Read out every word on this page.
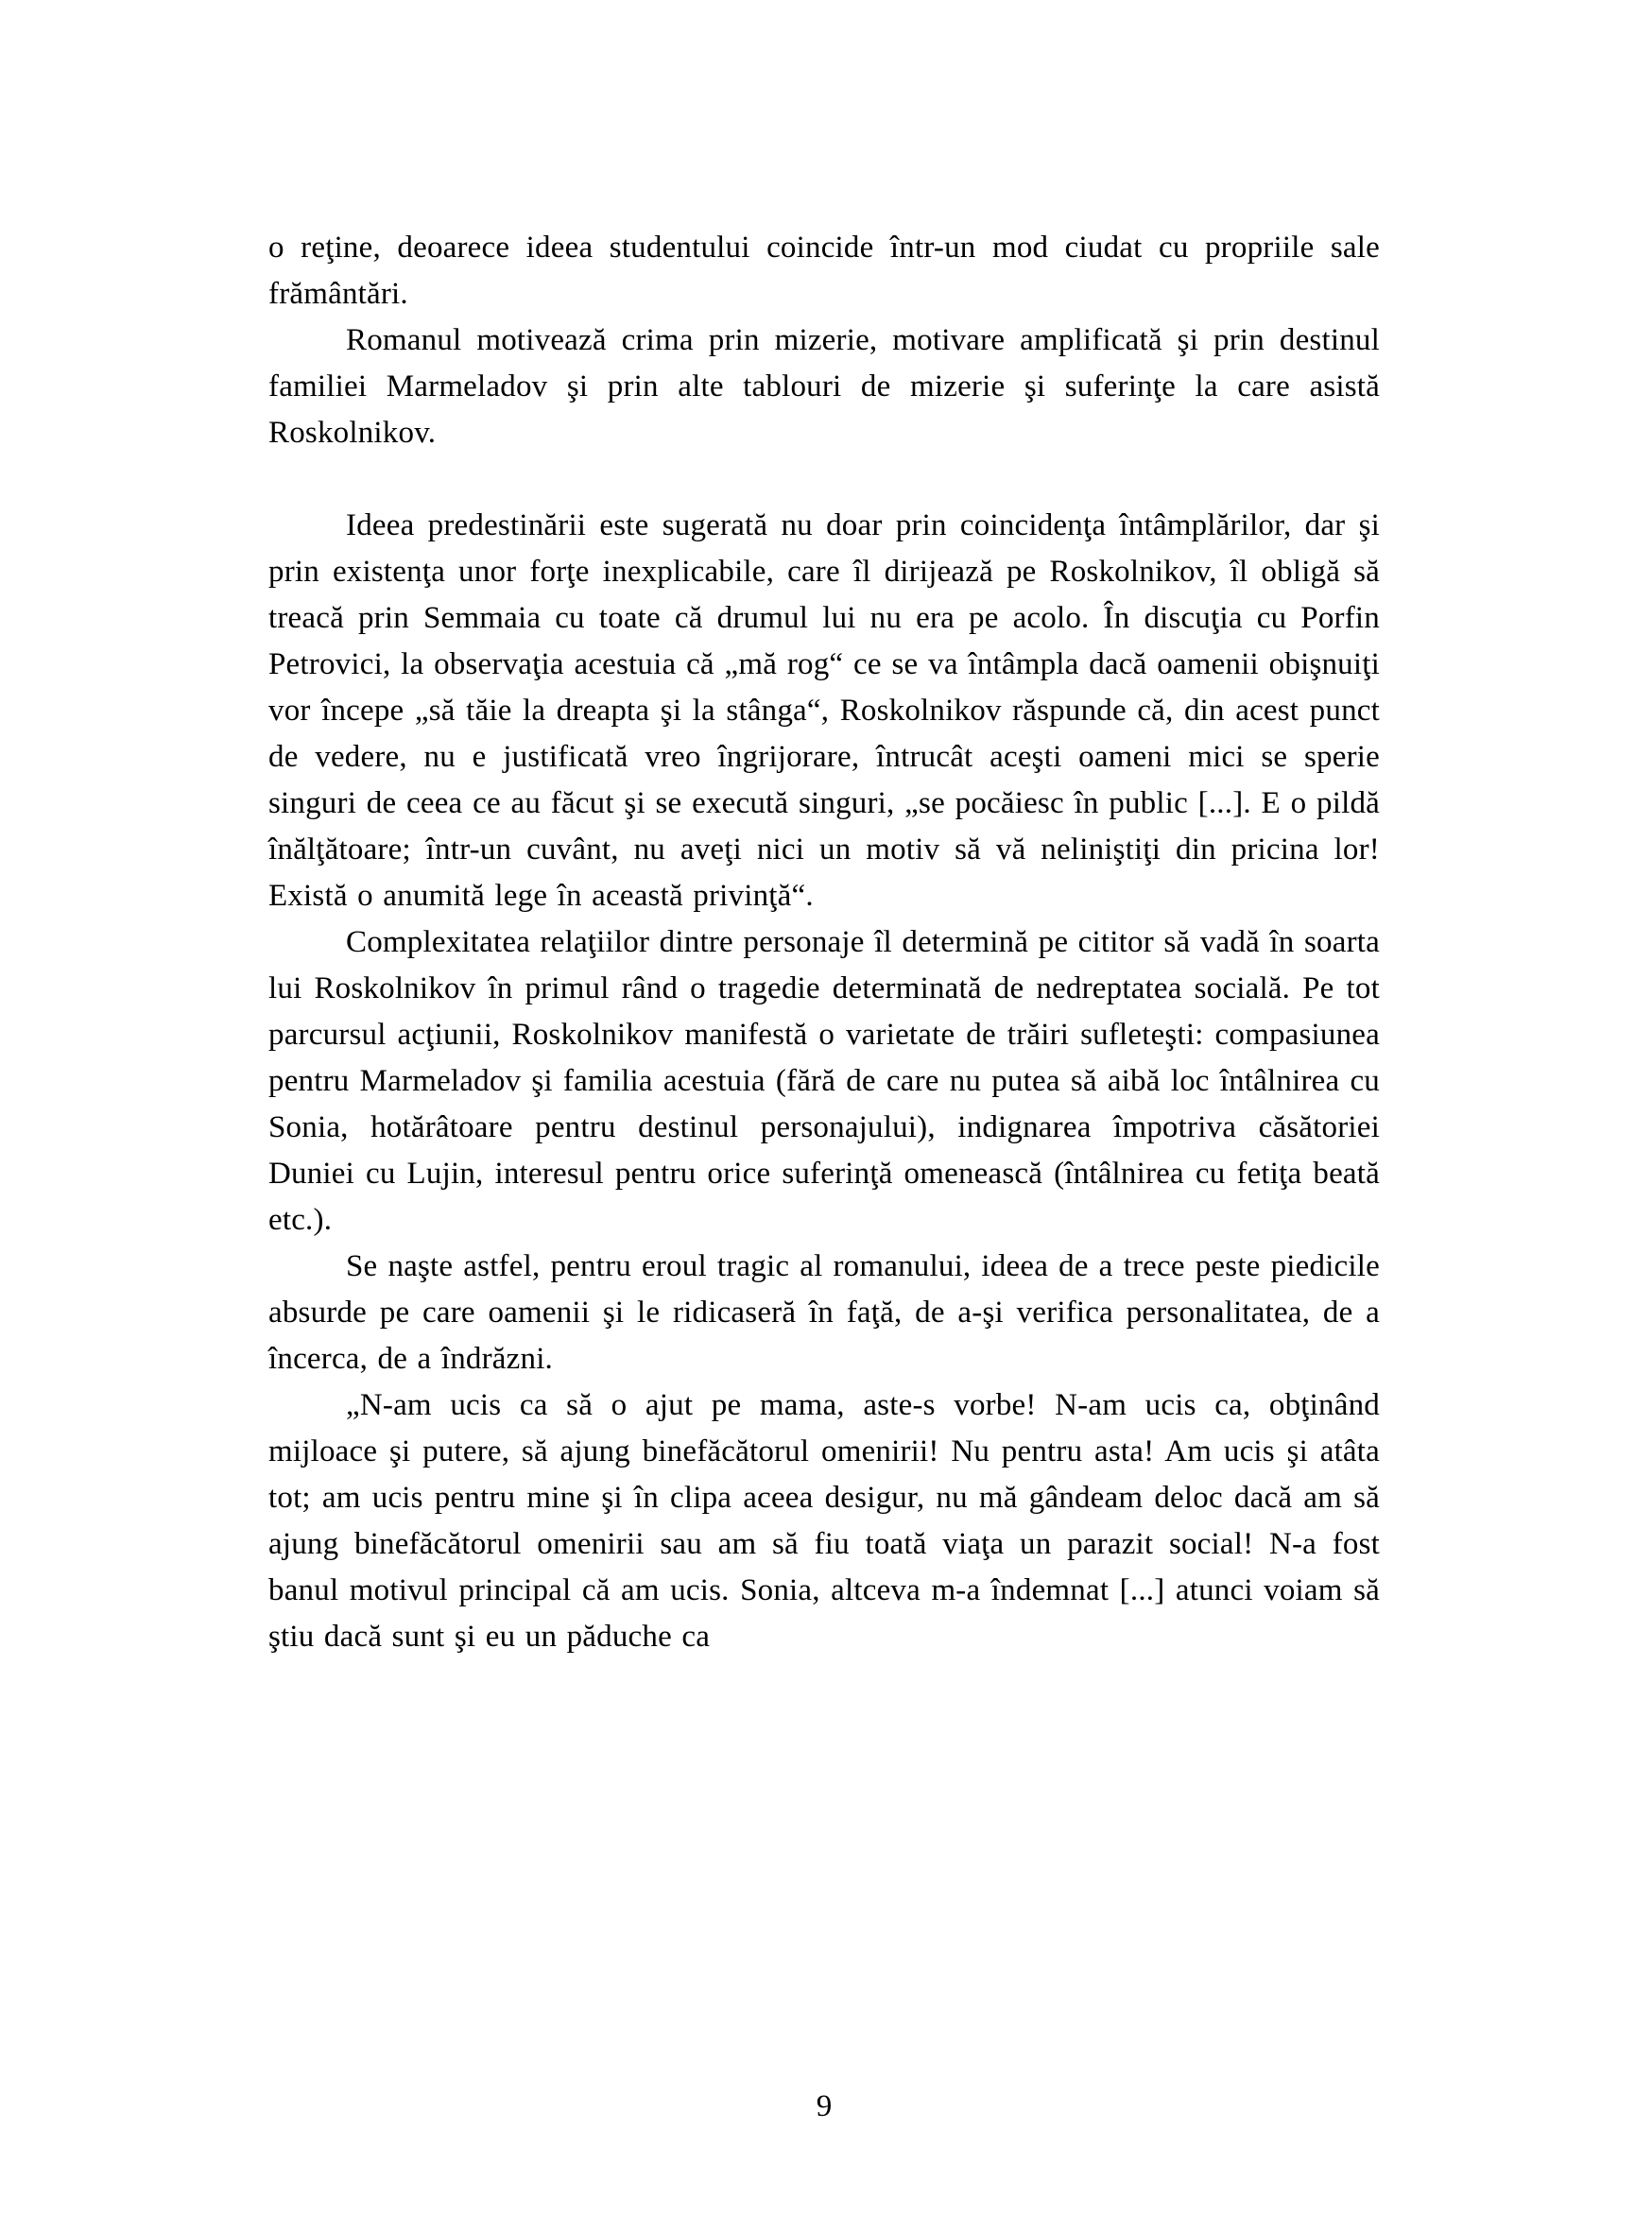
o reţine, deoarece ideea studentului coincide într-un mod ciudat cu propriile sale frământări.

Romanul motivează crima prin mizerie, motivare amplificată şi prin destinul familiei Marmeladov şi prin alte tablouri de mizerie şi suferinţe la care asistă Roskolnikov.

Ideea predestinării este sugerată nu doar prin coincidenţa întâmplărilor, dar şi prin existenţa unor forţe inexplicabile, care îl dirijează pe Roskolnikov, îl obligă să treacă prin Semmaia cu toate că drumul lui nu era pe acolo. În discuţia cu Porfin Petrovici, la observaţia acestuia că „mă rog“ ce se va întâmpla dacă oamenii obişnuiţi vor începe „să tăie la dreapta şi la stânga“, Roskolnikov răspunde că, din acest punct de vedere, nu e justificată vreo îngrijorare, întrucât aceşti oameni mici se sperie singuri de ceea ce au făcut şi se execută singuri, „se pocăiesc în public [...]. E o pildă înălţătoare; într-un cuvânt, nu aveţi nici un motiv să vă neliniştiţi din pricina lor! Există o anumită lege în această privinţă“.

Complexitatea relaţiilor dintre personaje îl determină pe cititor să vadă în soarta lui Roskolnikov în primul rând o tragedie determinată de nedreptatea socială. Pe tot parcursul acţiunii, Roskolnikov manifestă o varietate de trăiri sufleteşti: compasiunea pentru Marmeladov şi familia acestuia (fără de care nu putea să aibă loc întâlnirea cu Sonia, hotărâtoare pentru destinul personajului), indignarea împotriva căsătoriei Duniei cu Lujin, interesul pentru orice suferinţă omenească (întâlnirea cu fetiţa beată etc.).

Se naşte astfel, pentru eroul tragic al romanului, ideea de a trece peste piedicile absurde pe care oamenii şi le ridicaseră în faţă, de a-şi verifica personalitatea, de a încerca, de a îndrăzni.

„N-am ucis ca să o ajut pe mama, aste-s vorbe! N-am ucis ca, obţinând mijloace şi putere, să ajung binefăcătorul omenirii! Nu pentru asta! Am ucis şi atâta tot; am ucis pentru mine şi în clipa aceea desigur, nu mă gândeam deloc dacă am să ajung binefăcătorul omenirii sau am să fiu toată viaţa un parazit social! N-a fost banul motivul principal că am ucis. Sonia, altceva m-a îndemnat [...] atunci voiam să ştiu dacă sunt şi eu un păduche ca

9
